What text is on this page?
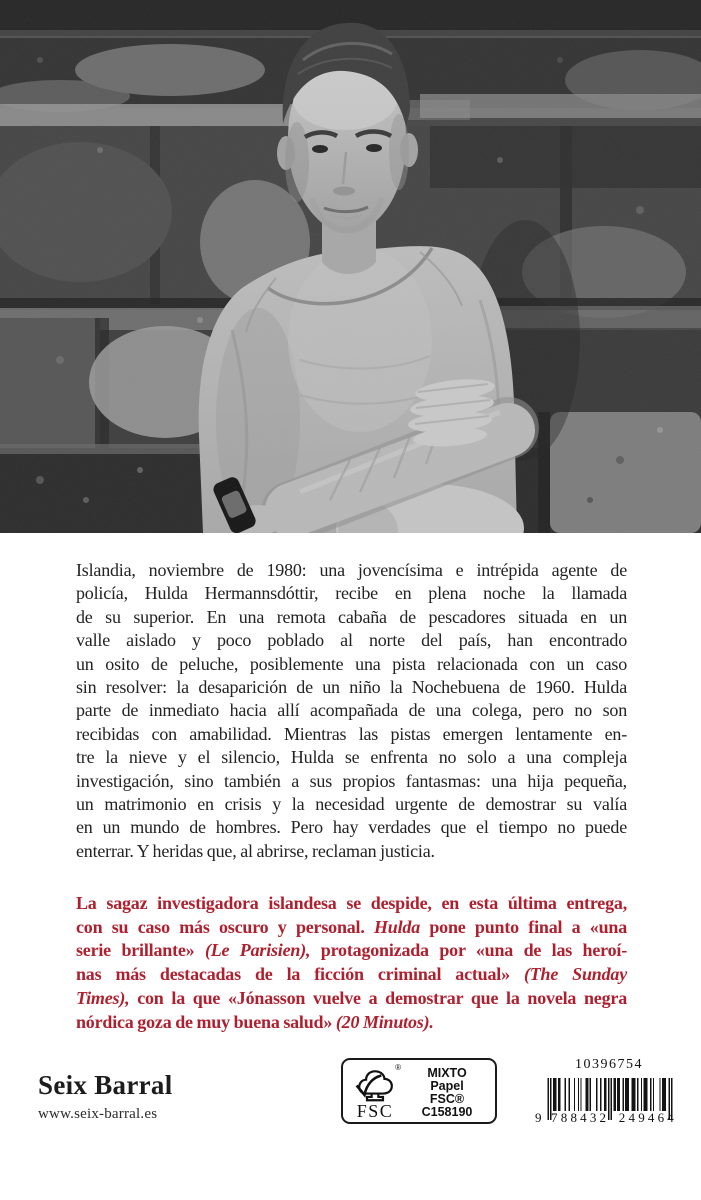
Islandia, noviembre de 1980: una jovencísima e intrépida agente de
policía, Hulda Hermannsdóttir, recibe en plena noche la llamada
de su superior. En una remota cabaña de pescadores situada en un
valle aislado y poco poblado al norte del país, han encontrado
un osito de peluche, posiblemente una pista relacionada con un caso
sin resolver: la desaparición de un niño la Nochebuena de 1960. Hulda
parte de inmediato hacia allí acompañada de una colega, pero no son
recibidas con amabilidad. Mientras las pistas emergen lentamente en-
tre la nieve y el silencio, Hulda se enfrenta no solo a una compleja
investigación, sino también a sus propios fantasmas: una hija pequeña,
un matrimonio en crisis y la necesidad urgente de demostrar su valía
en un mundo de hombres. Pero hay verdades que el tiempo no puede
enterrar. Y heridas que, al abrirse, reclaman justicia.
La sagaz investigadora islandesa se despide, en esta última entrega,
con su caso más oscuro y personal. Hulda pone punto final a «una
serie brillante» (Le Parisien), protagonizada por «una de las heroí-
nas más destacadas de la ficción criminal actual» (The Sunday
Times), con la que «Jónasson vuelve a demostrar que la novela negra
nórdica goza de muy buena salud» (20 Minutos).
Seix Barral
www.seix-barral.es
®
FSC
MIXTO
Papel
FSC® C158190
10396754
9 788432 249464
